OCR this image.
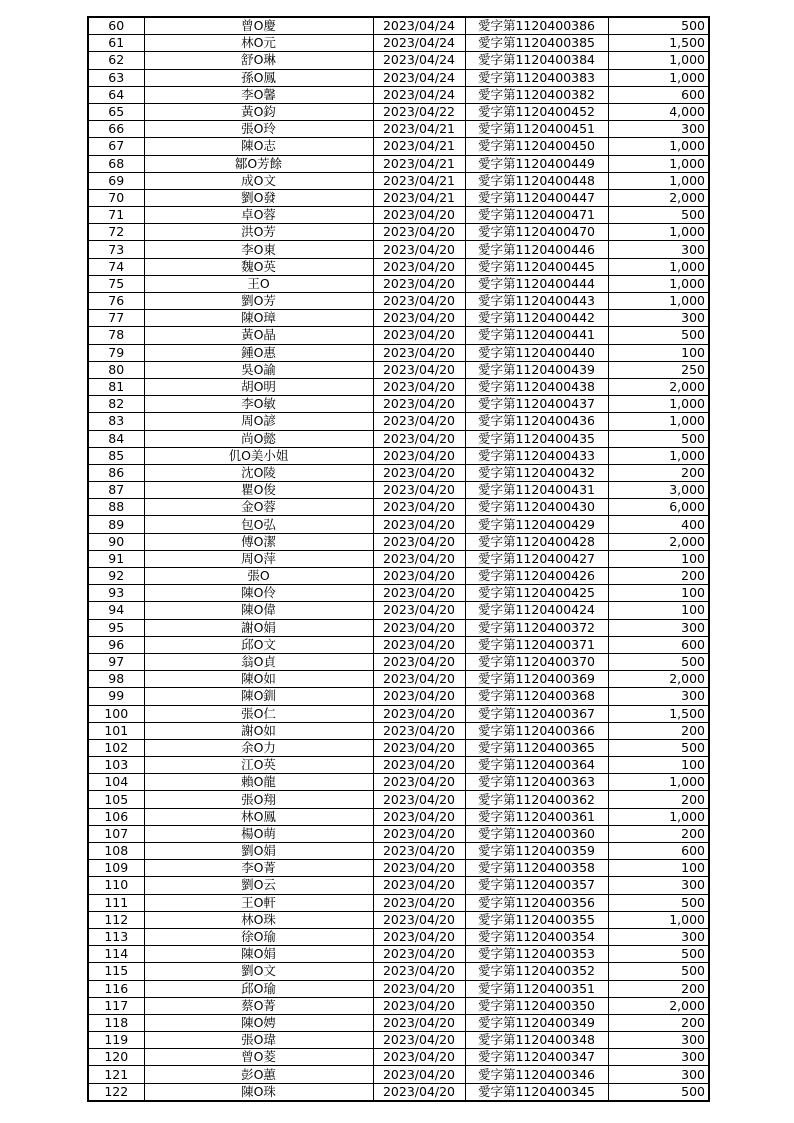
60	曾O慶	2023/04/24	愛字第1120400386	500
61	林O元	2023/04/24	愛字第1120400385	1,500
62	舒O琳	2023/04/24	愛字第1120400384	1,000
63	孫O鳳	2023/04/24	愛字第1120400383	1,000
64	李O馨	2023/04/24	愛字第1120400382	600
65	黃O鈞	2023/04/22	愛字第1120400452	4,000
66	張O玲	2023/04/21	愛字第1120400451	300
67	陳O志	2023/04/21	愛字第1120400450	1,000
68	鄒O芳餘	2023/04/21	愛字第1120400449	1,000
69	成O文	2023/04/21	愛字第1120400448	1,000
70	劉O發	2023/04/21	愛字第1120400447	2,000
71	卓O蓉	2023/04/20	愛字第1120400471	500
72	洪O芳	2023/04/20	愛字第1120400470	1,000
73	李O東	2023/04/20	愛字第1120400446	300
74	魏O英	2023/04/20	愛字第1120400445	1,000
75	王O	2023/04/20	愛字第1120400444	1,000
76	劉O芳	2023/04/20	愛字第1120400443	1,000
77	陳O璋	2023/04/20	愛字第1120400442	300
78	黃O晶	2023/04/20	愛字第1120400441	500
79	鍾O惠	2023/04/20	愛字第1120400440	100
80	吳O諭	2023/04/20	愛字第1120400439	250
81	胡O明	2023/04/20	愛字第1120400438	2,000
82	李O敏	2023/04/20	愛字第1120400437	1,000
83	周O諺	2023/04/20	愛字第1120400436	1,000
84	尚O懿	2023/04/20	愛字第1120400435	500
85	仉O美小姐	2023/04/20	愛字第1120400433	1,000
86	沈O陵	2023/04/20	愛字第1120400432	200
87	瞿O俊	2023/04/20	愛字第1120400431	3,000
88	金O蓉	2023/04/20	愛字第1120400430	6,000
89	包O弘	2023/04/20	愛字第1120400429	400
90	傅O潔	2023/04/20	愛字第1120400428	2,000
91	周O萍	2023/04/20	愛字第1120400427	100
92	張O	2023/04/20	愛字第1120400426	200
93	陳O伶	2023/04/20	愛字第1120400425	100
94	陳O偉	2023/04/20	愛字第1120400424	100
95	謝O娟	2023/04/20	愛字第1120400372	300
96	邱O文	2023/04/20	愛字第1120400371	600
97	翁O貞	2023/04/20	愛字第1120400370	500
98	陳O如	2023/04/20	愛字第1120400369	2,000
99	陳O釧	2023/04/20	愛字第1120400368	300
100	張O仁	2023/04/20	愛字第1120400367	1,500
101	謝O如	2023/04/20	愛字第1120400366	200
102	余O力	2023/04/20	愛字第1120400365	500
103	江O英	2023/04/20	愛字第1120400364	100
104	賴O龍	2023/04/20	愛字第1120400363	1,000
105	張O翔	2023/04/20	愛字第1120400362	200
106	林O鳳	2023/04/20	愛字第1120400361	1,000
107	楊O萌	2023/04/20	愛字第1120400360	200
108	劉O娟	2023/04/20	愛字第1120400359	600
109	李O菁	2023/04/20	愛字第1120400358	100
110	劉O云	2023/04/20	愛字第1120400357	300
111	王O軒	2023/04/20	愛字第1120400356	500
112	林O珠	2023/04/20	愛字第1120400355	1,000
113	徐O瑜	2023/04/20	愛字第1120400354	300
114	陳O娟	2023/04/20	愛字第1120400353	500
115	劉O文	2023/04/20	愛字第1120400352	500
116	邱O瑜	2023/04/20	愛字第1120400351	200
117	蔡O菁	2023/04/20	愛字第1120400350	2,000
118	陳O娉	2023/04/20	愛字第1120400349	200
119	張O瑋	2023/04/20	愛字第1120400348	300
120	曾O菱	2023/04/20	愛字第1120400347	300
121	彭O蕙	2023/04/20	愛字第1120400346	300
122	陳O珠	2023/04/20	愛字第1120400345	500
